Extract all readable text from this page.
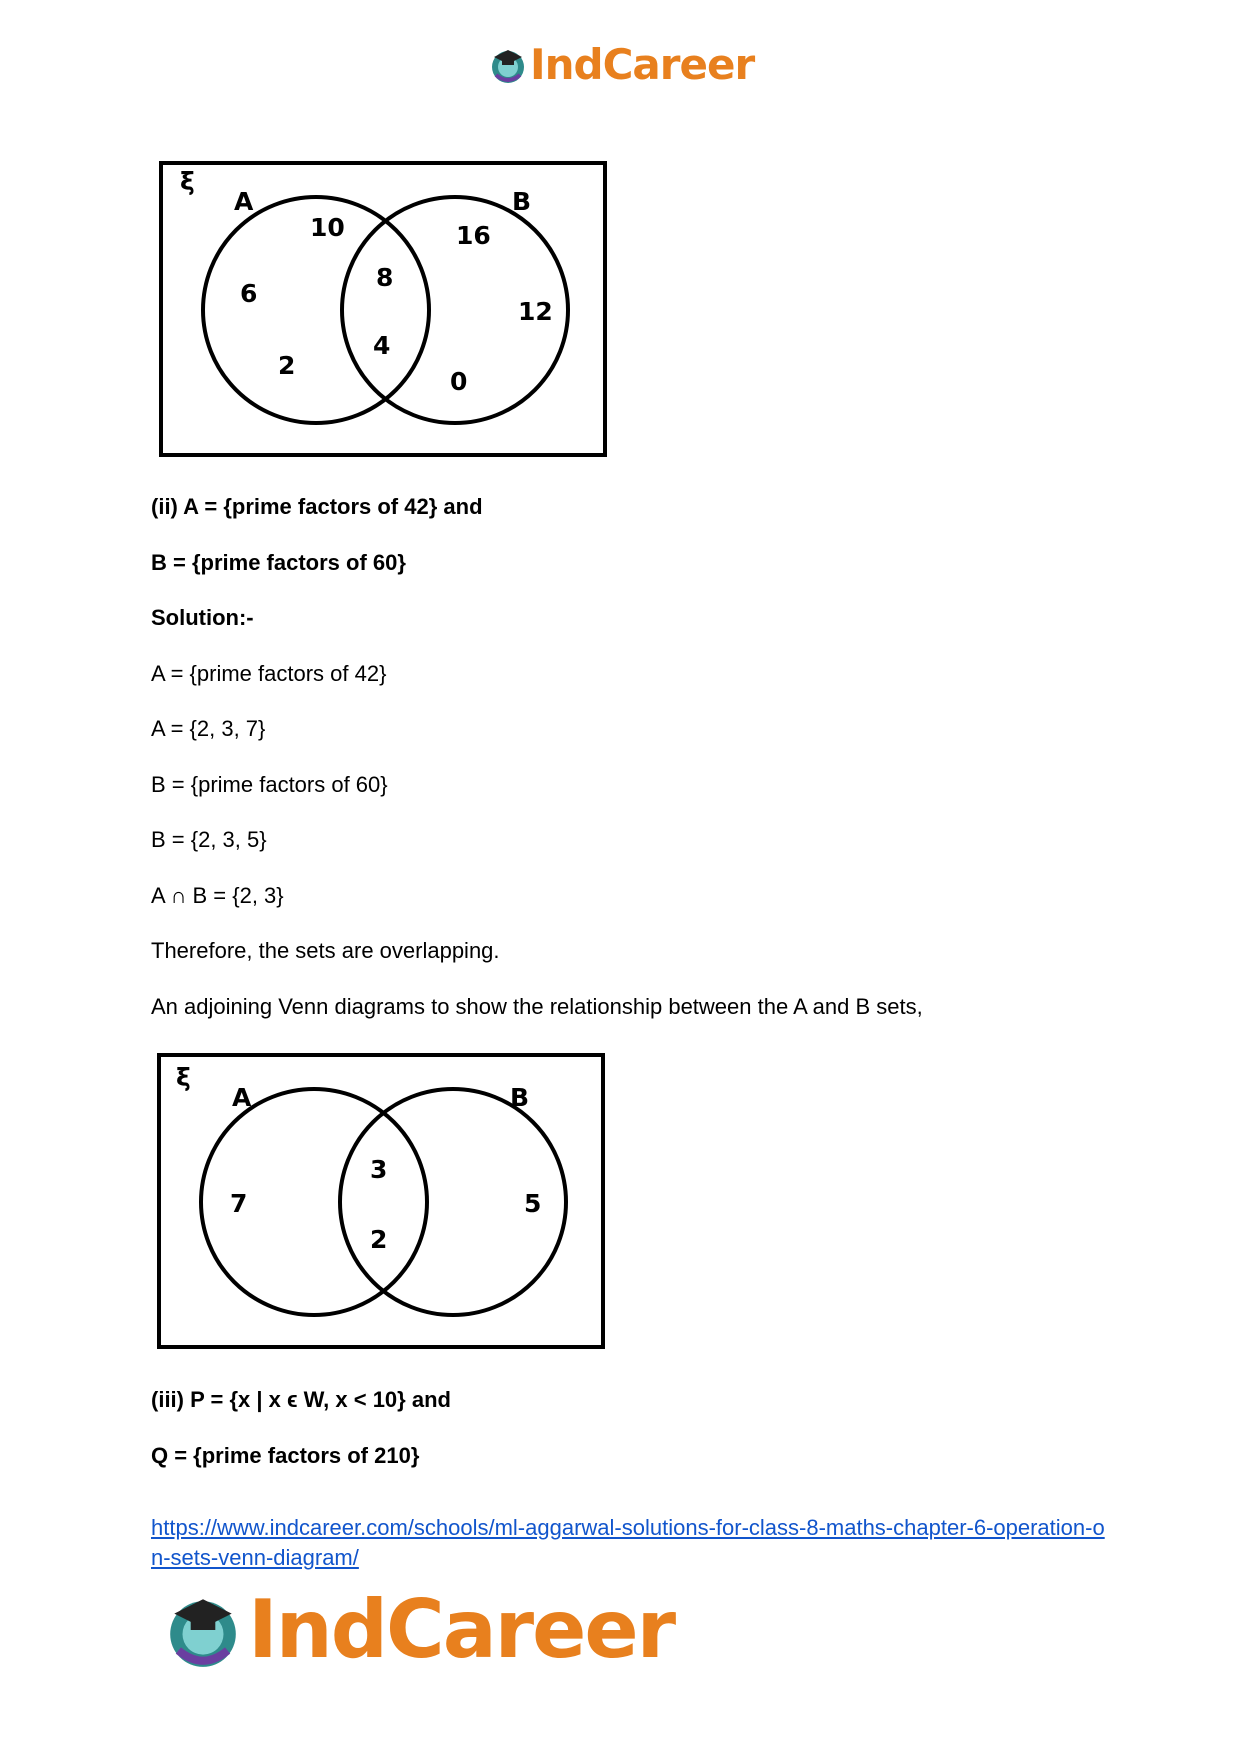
IndCareer
ξ
A	B
10
6
2
8
4
16
12
0
(ii) A = {prime factors of 42} and
B = {prime factors of 60}
Solution:-
A = {prime factors of 42}
A = {2, 3, 7}
B = {prime factors of 60}
B = {2, 3, 5}
A ∩ B = {2, 3}
Therefore, the sets are overlapping.
An adjoining Venn diagrams to show the relationship between the A and B sets,
ξ
A	B
7
3
2
5
(iii) P = {x | x ϵ W, x < 10} and
Q = {prime factors of 210}
https://www.indcareer.com/schools/ml-aggarwal-solutions-for-class-8-maths-chapter-6-operation-on-sets-venn-diagram/
IndCareer
